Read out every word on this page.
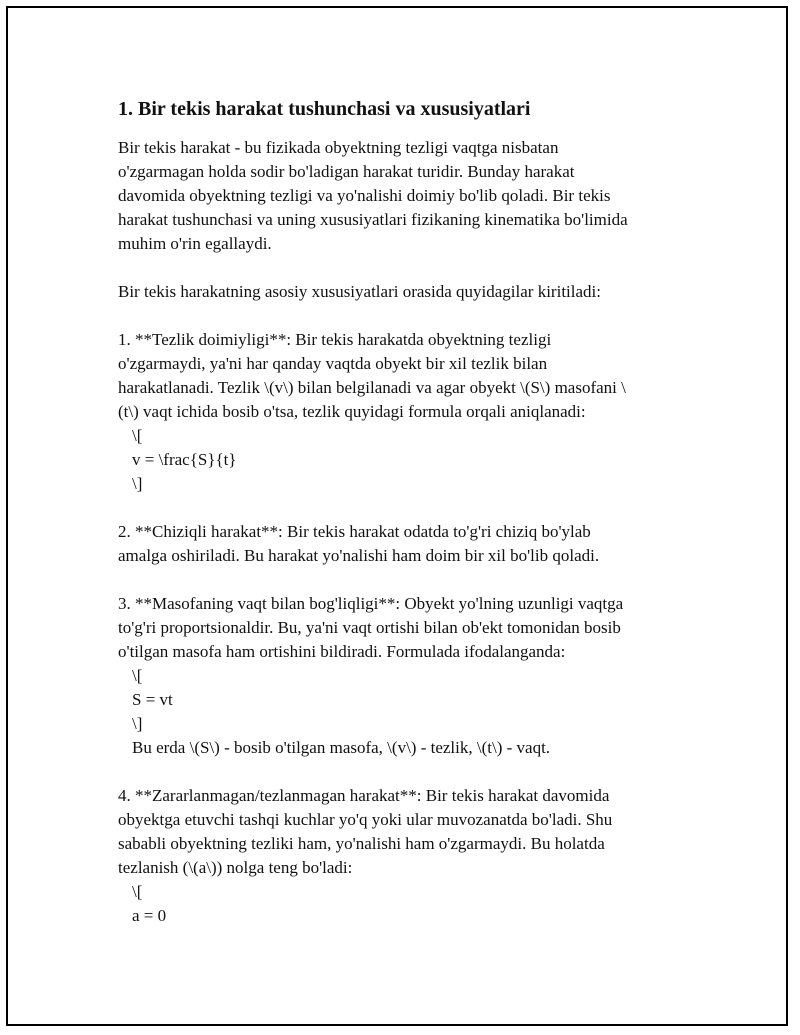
1. Bir tekis harakat tushunchasi va xususiyatlari

Bir tekis harakat - bu fizikada obyektning tezligi vaqtga nisbatan

o'zgarmagan holda sodir bo'ladigan harakat turidir. Bunday harakat

davomida obyektning tezligi va yo'nalishi doimiy bo'lib qoladi. Bir tekis

harakat tushunchasi va uning xususiyatlari fizikaning kinematika bo'limida

muhim o'rin egallaydi.

Bir tekis harakatning asosiy xususiyatlari orasida quyidagilar kiritiladi:

1. **Tezlik doimiyligi**: Bir tekis harakatda obyektning tezligi

o'zgarmaydi, ya'ni har qanday vaqtda obyekt bir xil tezlik bilan

harakatlanadi. Tezlik \(v\) bilan belgilanadi va agar obyekt \(S\) masofani \

(t\) vaqt ichida bosib o'tsa, tezlik quyidagi formula orqali aniqlanadi:

\[

v = \frac{S}{t}

\]

2. **Chiziqli harakat**: Bir tekis harakat odatda to'g'ri chiziq bo'ylab

amalga oshiriladi. Bu harakat yo'nalishi ham doim bir xil bo'lib qoladi.

3. **Masofaning vaqt bilan bog'liqligi**: Obyekt yo'lning uzunligi vaqtga

to'g'ri proportsionaldir. Bu, ya'ni vaqt ortishi bilan ob'ekt tomonidan bosib

o'tilgan masofa ham ortishini bildiradi. Formulada ifodalanganda:

\[

S = vt

\]

Bu erda \(S\) - bosib o'tilgan masofa, \(v\) - tezlik, \(t\) - vaqt.

4. **Zararlanmagan/tezlanmagan harakat**: Bir tekis harakat davomida

obyektga etuvchi tashqi kuchlar yo'q yoki ular muvozanatda bo'ladi. Shu

sababli obyektning tezliki ham, yo'nalishi ham o'zgarmaydi. Bu holatda

tezlanish (\(a\)) nolga teng bo'ladi:

\[

a = 0
